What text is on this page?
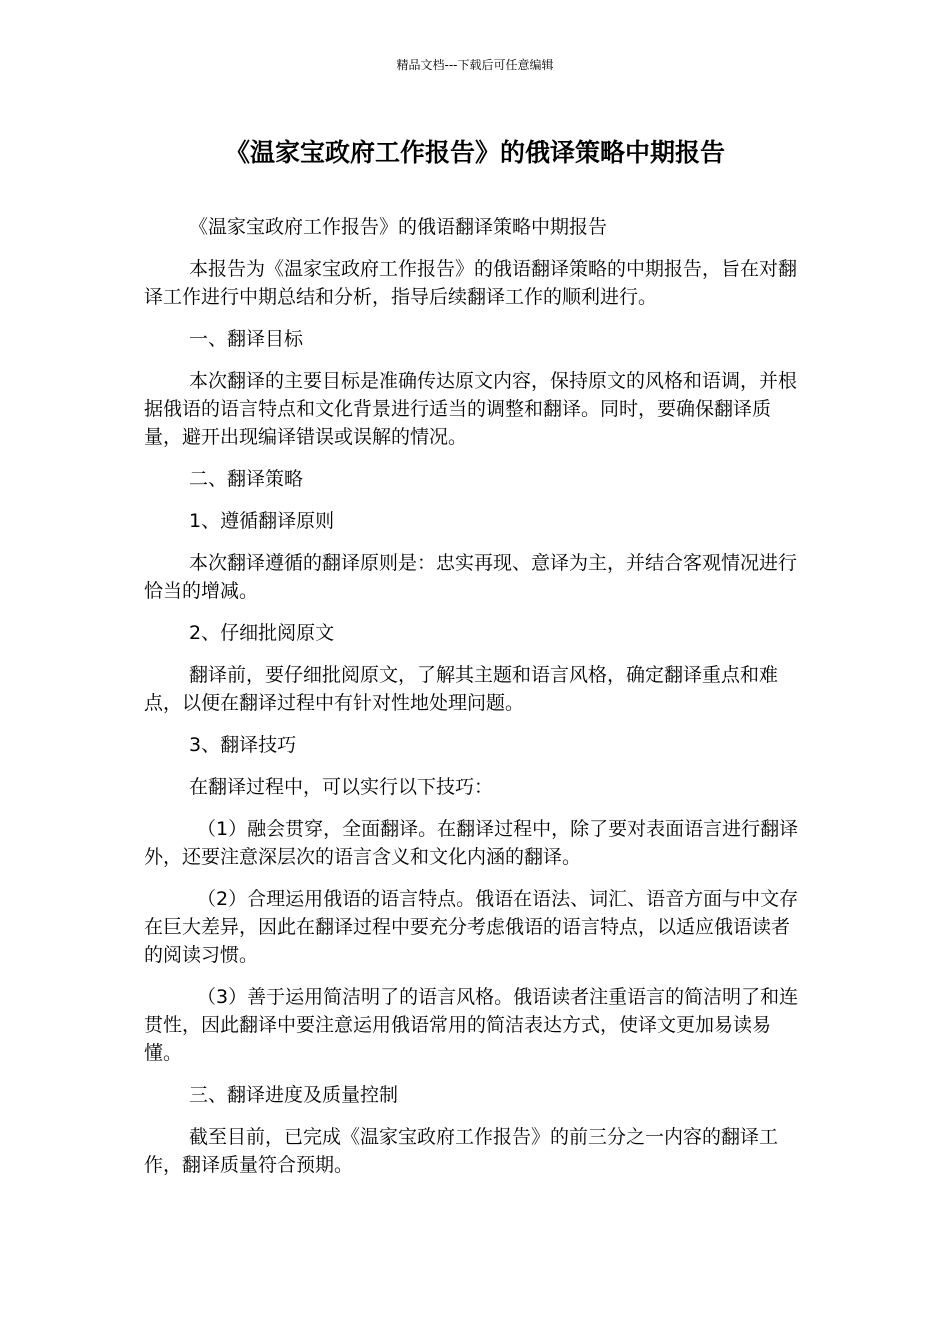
精品文档---下载后可任意编辑
《温家宝政府工作报告》的俄译策略中期报告

《温家宝政府工作报告》的俄语翻译策略中期报告

本报告为《温家宝政府工作报告》的俄语翻译策略的中期报告，旨在对翻译工作进行中期总结和分析，指导后续翻译工作的顺利进行。

一、翻译目标

本次翻译的主要目标是准确传达原文内容，保持原文的风格和语调，并根据俄语的语言特点和文化背景进行适当的调整和翻译。同时，要确保翻译质量，避开出现编译错误或误解的情况。

二、翻译策略

1、遵循翻译原则

本次翻译遵循的翻译原则是：忠实再现、意译为主，并结合客观情况进行恰当的增减。

2、仔细批阅原文

翻译前，要仔细批阅原文，了解其主题和语言风格，确定翻译重点和难点，以便在翻译过程中有针对性地处理问题。

3、翻译技巧

在翻译过程中，可以实行以下技巧：

（1）融会贯穿，全面翻译。在翻译过程中，除了要对表面语言进行翻译外，还要注意深层次的语言含义和文化内涵的翻译。

（2）合理运用俄语的语言特点。俄语在语法、词汇、语音方面与中文存在巨大差异，因此在翻译过程中要充分考虑俄语的语言特点，以适应俄语读者的阅读习惯。

（3）善于运用简洁明了的语言风格。俄语读者注重语言的简洁明了和连贯性，因此翻译中要注意运用俄语常用的简洁表达方式，使译文更加易读易懂。

三、翻译进度及质量控制

截至目前，已完成《温家宝政府工作报告》的前三分之一内容的翻译工作，翻译质量符合预期。
